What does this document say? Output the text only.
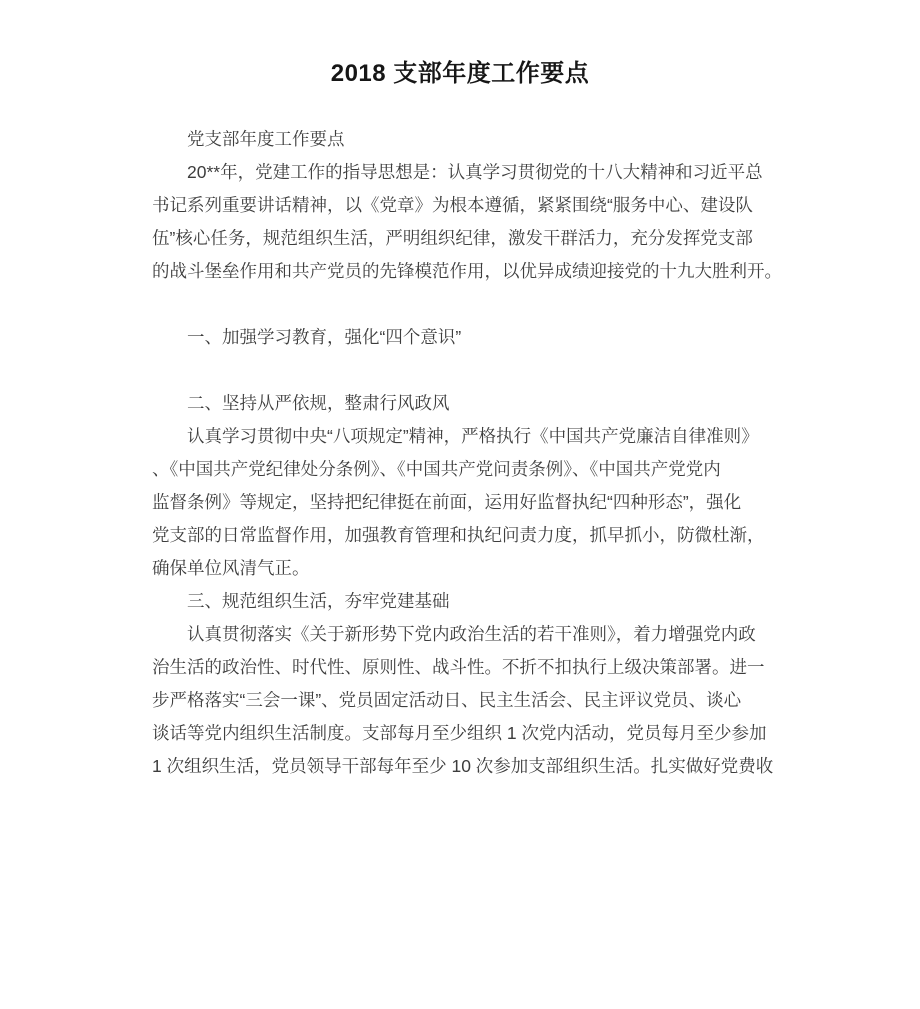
2018 支部年度工作要点
党支部年度工作要点
20**年，党建工作的指导思想是：认真学习贯彻党的十八大精神和习近平总
书记系列重要讲话精神，以《党章》为根本遵循，紧紧围绕“服务中心、建设队
伍”核心任务，规范组织生活，严明组织纪律，激发干群活力，充分发挥党支部
的战斗堡垒作用和共产党员的先锋模范作用，以优异成绩迎接党的十九大胜利开。
一、加强学习教育，强化“四个意识”
二、坚持从严依规，整肃行风政风
认真学习贯彻中央“八项规定”精神，严格执行《中国共产党廉洁自律准则》
、《中国共产党纪律处分条例》、《中国共产党问责条例》、《中国共产党党内
监督条例》等规定，坚持把纪律挺在前面，运用好监督执纪“四种形态”，强化
党支部的日常监督作用，加强教育管理和执纪问责力度，抓早抓小，防微杜渐，
确保单位风清气正。
三、规范组织生活，夯牢党建基础
认真贯彻落实《关于新形势下党内政治生活的若干准则》，着力增强党内政
治生活的政治性、时代性、原则性、战斗性。不折不扣执行上级决策部署。进一
步严格落实“三会一课”、党员固定活动日、民主生活会、民主评议党员、谈心
谈话等党内组织生活制度。支部每月至少组织 1 次党内活动，党员每月至少参加
1 次组织生活，党员领导干部每年至少 10 次参加支部组织生活。扎实做好党费收
